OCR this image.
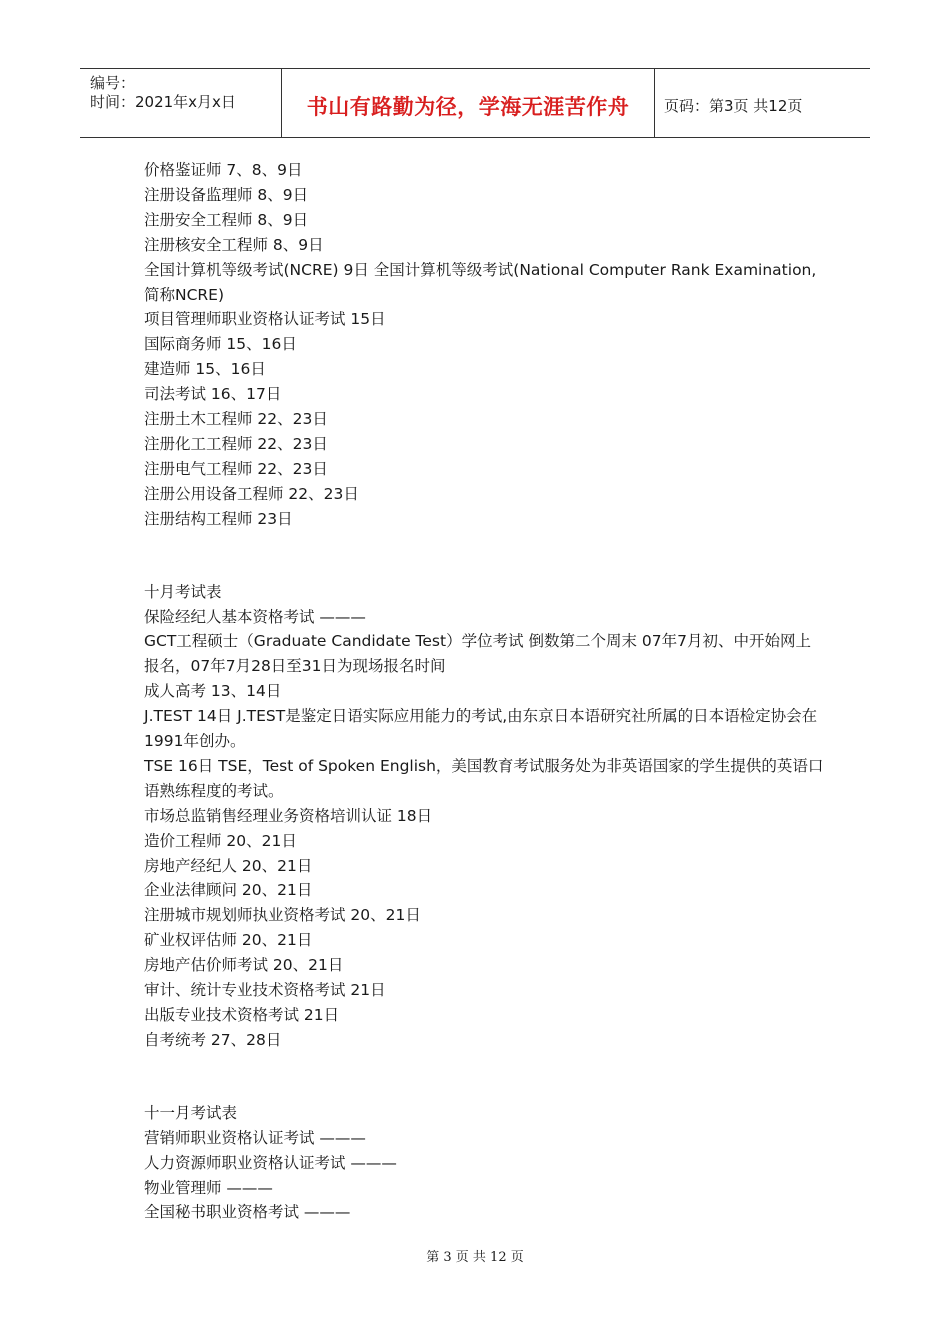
编号：
时间：2021年x月x日	书山有路勤为径，学海无涯苦作舟	页码：第3页 共12页
价格鉴证师 7、8、9日
注册设备监理师 8、9日
注册安全工程师 8、9日
注册核安全工程师 8、9日
全国计算机等级考试(NCRE) 9日 全国计算机等级考试(National Computer Rank Examination,简称NCRE)
项目管理师职业资格认证考试 15日
国际商务师 15、16日
建造师 15、16日
司法考试 16、17日
注册土木工程师 22、23日
注册化工工程师 22、23日
注册电气工程师 22、23日
注册公用设备工程师 22、23日
注册结构工程师 23日
十月考试表
保险经纪人基本资格考试 ———
GCT工程硕士（Graduate Candidate Test）学位考试 倒数第二个周末 07年7月初、中开始网上报名，07年7月28日至31日为现场报名时间
成人高考 13、14日
J.TEST 14日 J.TEST是鉴定日语实际应用能力的考试,由东京日本语研究社所属的日本语检定协会在1991年创办。
TSE 16日 TSE，Test of Spoken English，美国教育考试服务处为非英语国家的学生提供的英语口语熟练程度的考试。
市场总监销售经理业务资格培训认证 18日
造价工程师 20、21日
房地产经纪人 20、21日
企业法律顾问 20、21日
注册城市规划师执业资格考试 20、21日
矿业权评估师 20、21日
房地产估价师考试 20、21日
审计、统计专业技术资格考试 21日
出版专业技术资格考试 21日
自考统考 27、28日
十一月考试表
营销师职业资格认证考试 ———
人力资源师职业资格认证考试 ———
物业管理师 ———
全国秘书职业资格考试 ———
第 3 页 共 12 页
